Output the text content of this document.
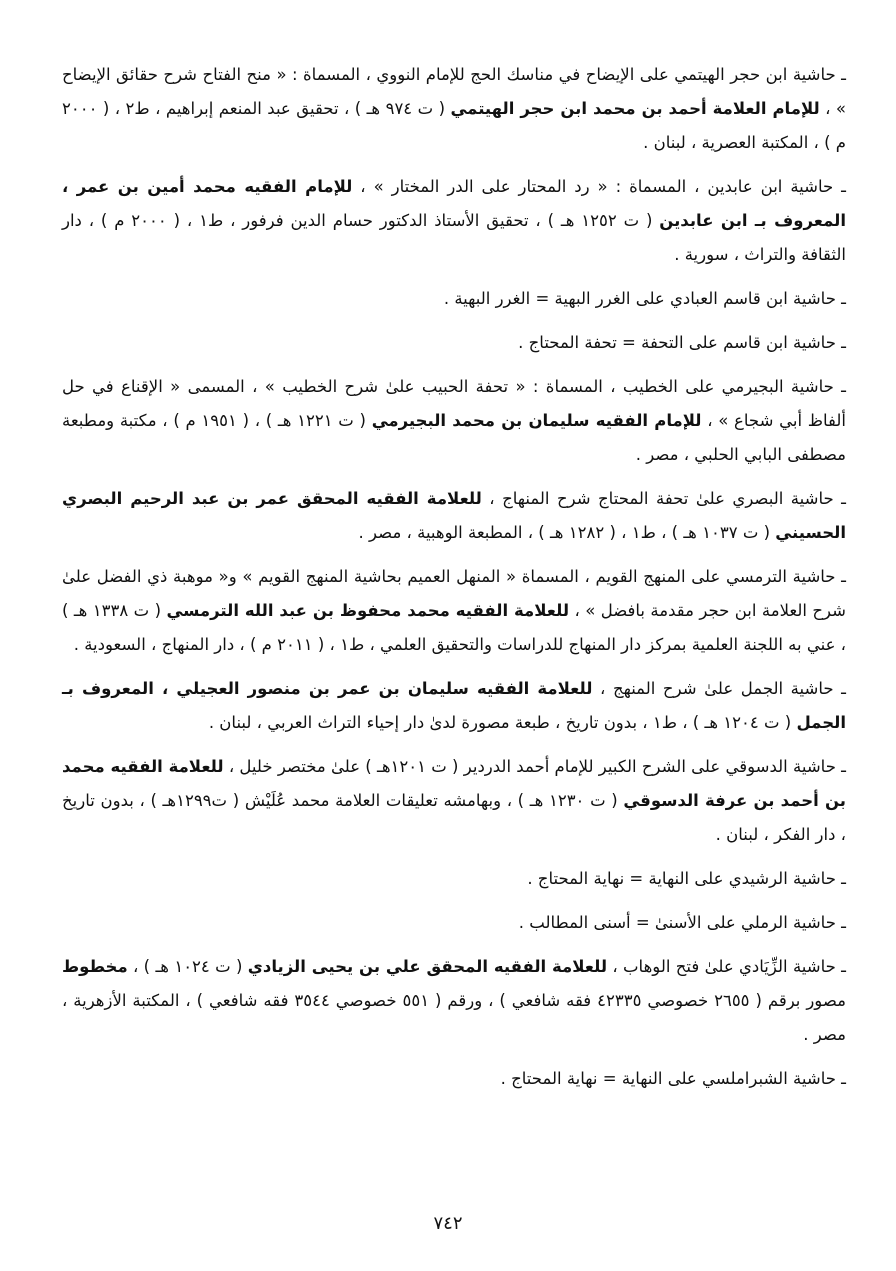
ـ حاشية ابن حجر الهيتمي على الإيضاح في مناسك الحج للإمام النووي ، المسماة : « منح الفتاح شرح حقائق الإيضاح » ، للإمام العلامة أحمد بن محمد ابن حجر الهيتمي ( ت ٩٧٤ هـ ) ، تحقيق عبد المنعم إبراهيم ، ط٢ ، ( ٢٠٠٠ م ) ، المكتبة العصرية ، لبنان .

ـ حاشية ابن عابدين ، المسماة : « رد المحتار على الدر المختار » ، للإمام الفقيه محمد أمين بن عمر ، المعروف بـ ابن عابدين ( ت ١٢٥٢ هـ ) ، تحقيق الأستاذ الدكتور حسام الدين فرفور ، ط١ ، ( ٢٠٠٠ م ) ، دار الثقافة والتراث ، سورية .

ـ حاشية ابن قاسم العبادي على الغرر البهية = الغرر البهية .

ـ حاشية ابن قاسم على التحفة = تحفة المحتاج .

ـ حاشية البجيرمي على الخطيب ، المسماة : « تحفة الحبيب علىٰ شرح الخطيب » ، المسمى « الإقناع في حل ألفاظ أبي شجاع » ، للإمام الفقيه سليمان بن محمد البجيرمي ( ت ١٢٢١ هـ ) ، ( ١٩٥١ م ) ، مكتبة ومطبعة مصطفى البابي الحلبي ، مصر .

ـ حاشية البصري علىٰ تحفة المحتاج شرح المنهاج ، للعلامة الفقيه المحقق عمر بن عبد الرحيم البصري الحسيني ( ت ١٠٣٧ هـ ) ، ط١ ، ( ١٢٨٢ هـ ) ، المطبعة الوهبية ، مصر .

ـ حاشية الترمسي على المنهج القويم ، المسماة « المنهل العميم بحاشية المنهج القويم » و« موهبة ذي الفضل علىٰ شرح العلامة ابن حجر مقدمة بافضل » ، للعلامة الفقيه محمد محفوظ بن عبد الله الترمسي ( ت ١٣٣٨ هـ ) ، عني به اللجنة العلمية بمركز دار المنهاج للدراسات والتحقيق العلمي ، ط١ ، ( ٢٠١١ م ) ، دار المنهاج ، السعودية .

ـ حاشية الجمل علىٰ شرح المنهج ، للعلامة الفقيه سليمان بن عمر بن منصور العجيلي ، المعروف بـ الجمل ( ت ١٢٠٤ هـ ) ، ط١ ، بدون تاريخ ، طبعة مصورة لدىٰ دار إحياء التراث العربي ، لبنان .

ـ حاشية الدسوقي على الشرح الكبير للإمام أحمد الدردير ( ت ١٢٠١هـ ) علىٰ مختصر خليل ، للعلامة الفقيه محمد بن أحمد بن عرفة الدسوقي ( ت ١٢٣٠ هـ ) ، وبهامشه تعليقات العلامة محمد عُلَيْش ( ت١٢٩٩هـ ) ، بدون تاريخ ، دار الفكر ، لبنان .

ـ حاشية الرشيدي على النهاية = نهاية المحتاج .

ـ حاشية الرملي على الأسنىٰ = أسنى المطالب .

ـ حاشية الزِّيَادي علىٰ فتح الوهاب ، للعلامة الفقيه المحقق علي بن يحيى الزيادي ( ت ١٠٢٤ هـ ) ، مخطوط مصور برقم ( ٢٦٥٥ خصوصي ٤٢٣٣٥ فقه شافعي ) ، ورقم ( ٥٥١ خصوصي ٣٥٤٤ فقه شافعي ) ، المكتبة الأزهرية ، مصر .

ـ حاشية الشبراملسي على النهاية = نهاية المحتاج .

٧٤٢
